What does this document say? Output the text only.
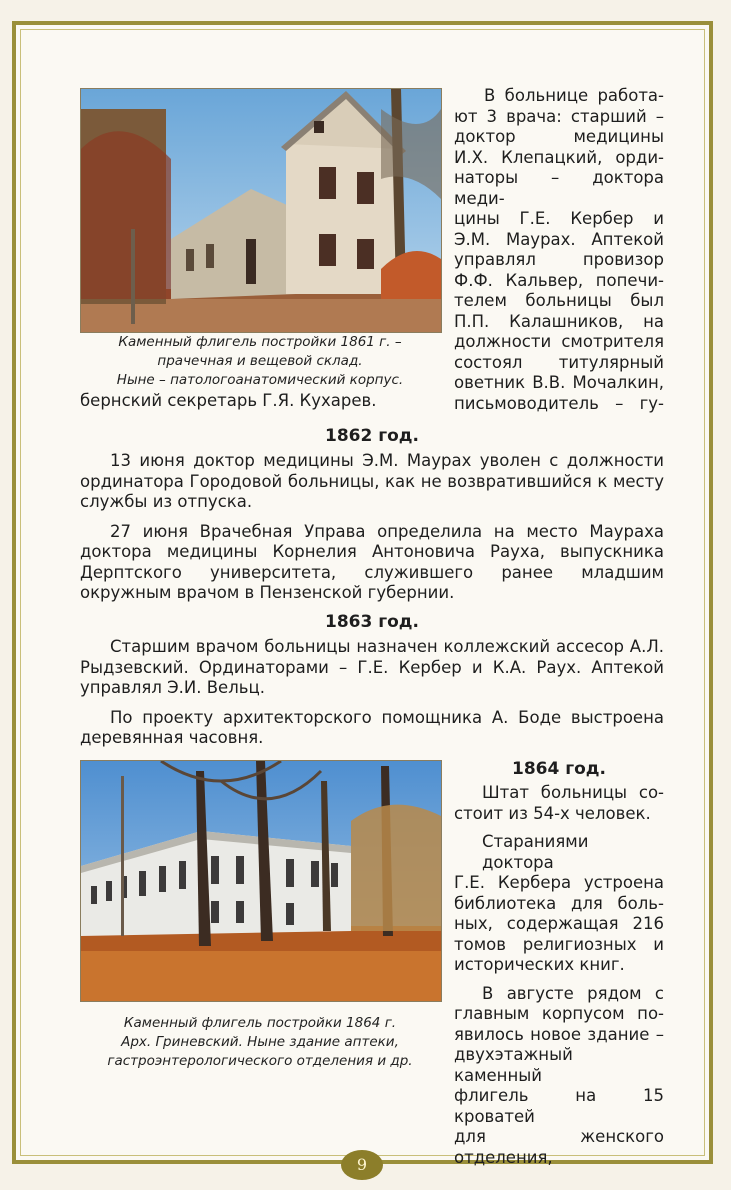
Каменный флигель постройки 1861 г. –
прачечная и вещевой склад.
Ныне – патологоанатомический корпус.
В больнице работа-
ют 3 врача: старший –
доктор медицины
И.Х. Клепацкий, орди-
наторы – доктора меди-
цины Г.Е. Кербер и
Э.М. Маурах. Аптекой
управлял провизор
Ф.Ф. Кальвер, попечи-
телем больницы был
П.П. Калашников, на
должности смотрителя
состоял титулярный
оветник В.В. Мочалкин,
письмоводитель – гу-
бернский секретарь Г.Я. Кухарев.
1862 год.

13 июня доктор медицины Э.М. Маурах уволен с должности ординатора Городовой больницы, как не возвратившийся к месту службы из отпуска.

27 июня Врачебная Управа определила на место Маураха доктора медицины Корнелия Антоновича Рауха, выпускника Дерптского университета, служившего ранее младшим окружным врачом в Пензенской губернии.

1863 год.

Старшим врачом больницы назначен коллежский ассесор А.Л. Рыдзевский. Ординаторами – Г.Е. Кербер и К.А. Раух. Аптекой управлял Э.И. Вельц.

По проекту архитекторского помощника А. Боде выстроена деревянная часовня.

Каменный флигель постройки 1864 г.
Арх. Гриневский. Ныне здание аптеки,
гастроэнтерологического отделения и др.
1864 год.
Штат больницы со-
стоит из 54-х человек.
Стараниями доктора
Г.Е. Кербера устроена
библиотека для боль-
ных, содержащая 216
томов религиозных и
исторических книг.
В августе рядом с
главным корпусом по-
явилось новое здание –
двухэтажный каменный
флигель на 15 кроватей
для женского отделения,
9
